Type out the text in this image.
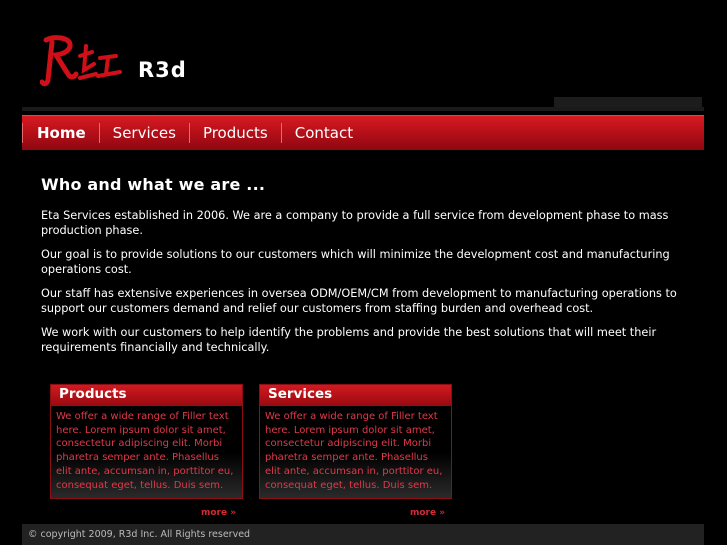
R3d
Home	Services	Products	Contact
Who and what we are ...

Eta Services established in 2006. We are a company to provide a full service from development phase to mass production phase.

Our goal is to provide solutions to our customers which will minimize the development cost and manufacturing operations cost.

Our staff has extensive experiences in oversea ODM/OEM/CM from development to manufacturing operations to support our customers demand and relief our customers from staffing burden and overhead cost.

We work with our customers to help identify the problems and provide the best solutions that will meet their requirements financially and technically.

Products
We offer a wide range of Filler text here. Lorem ipsum dolor sit amet, consectetur adipiscing elit. Morbi pharetra semper ante. Phasellus elit ante, accumsan in, porttitor eu, consequat eget, tellus. Duis sem.
more »
Services
We offer a wide range of Filler text here. Lorem ipsum dolor sit amet, consectetur adipiscing elit. Morbi pharetra semper ante. Phasellus elit ante, accumsan in, porttitor eu, consequat eget, tellus. Duis sem.
more »
© copyright 2009, R3d Inc. All Rights reserved
